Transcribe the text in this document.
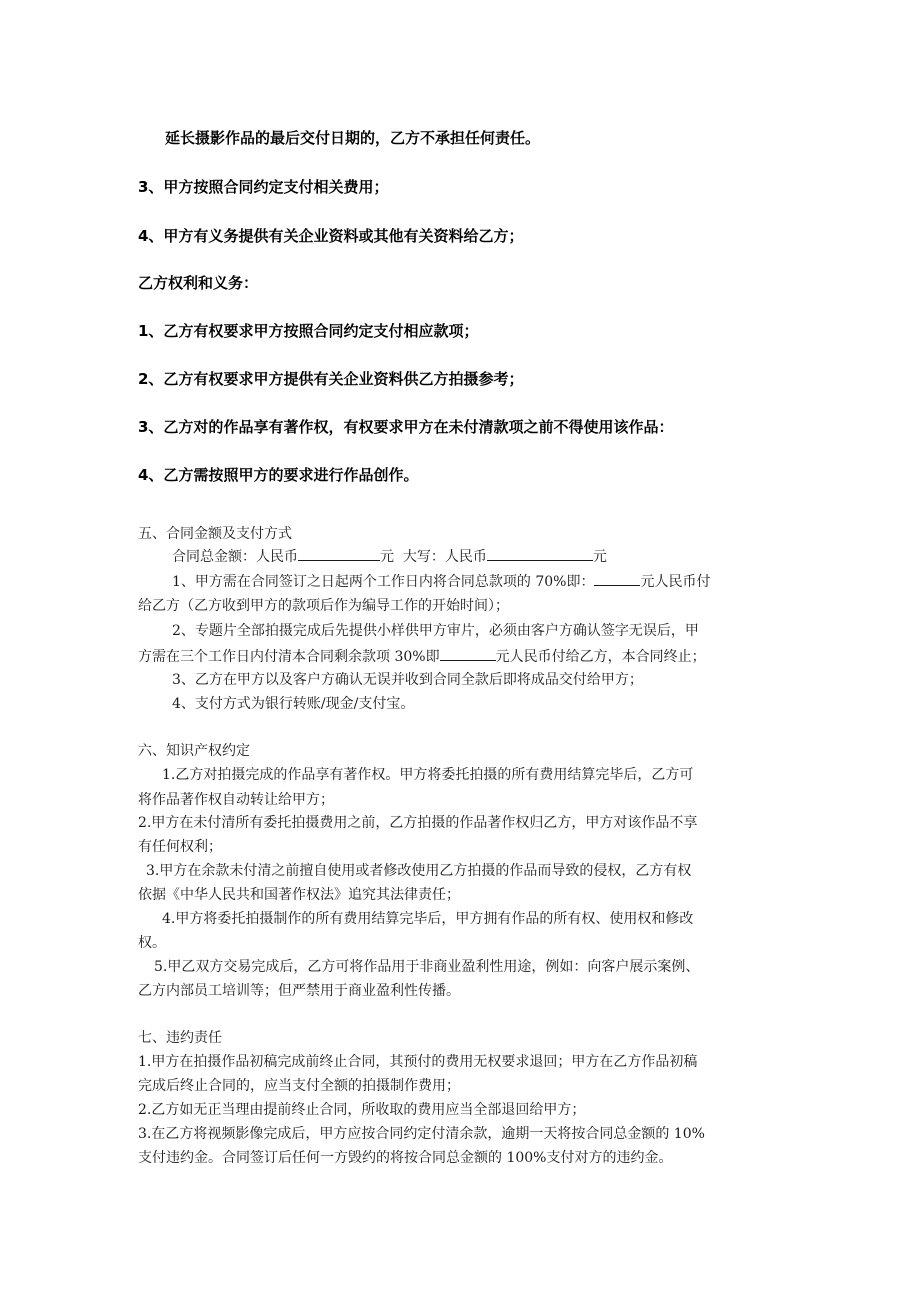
延长摄影作品的最后交付日期的，乙方不承担任何责任。
3、甲方按照合同约定支付相关费用；
4、甲方有义务提供有关企业资料或其他有关资料给乙方；
乙方权利和义务：
1、乙方有权要求甲方按照合同约定支付相应款项；
2、乙方有权要求甲方提供有关企业资料供乙方拍摄参考；
3、乙方对的作品享有著作权，有权要求甲方在未付清款项之前不得使用该作品：
4、乙方需按照甲方的要求进行作品创作。
五、合同金额及支付方式
合同总金额：人民币	元 大写：人民币	元
1、甲方需在合同签订之日起两个工作日内将合同总款项的 70%即：	元人民币付
给乙方（乙方收到甲方的款项后作为编导工作的开始时间）；
2、专题片全部拍摄完成后先提供小样供甲方审片，必须由客户方确认签字无误后，甲
方需在三个工作日内付清本合同剩余款项 30%即	元人民币付给乙方，本合同终止；
3、乙方在甲方以及客户方确认无误并收到合同全款后即将成品交付给甲方；
4、支付方式为银行转账/现金/支付宝。
六、知识产权约定
1.乙方对拍摄完成的作品享有著作权。甲方将委托拍摄的所有费用结算完毕后，乙方可
将作品著作权自动转让给甲方；
2.甲方在未付清所有委托拍摄费用之前，乙方拍摄的作品著作权归乙方，甲方对该作品不享
有任何权利；
3.甲方在余款未付清之前擅自使用或者修改使用乙方拍摄的作品而导致的侵权，乙方有权
依据《中华人民共和国著作权法》追究其法律责任；
4.甲方将委托拍摄制作的所有费用结算完毕后，甲方拥有作品的所有权、使用权和修改
权。
5.甲乙双方交易完成后，乙方可将作品用于非商业盈利性用途，例如：向客户展示案例、
乙方内部员工培训等；但严禁用于商业盈利性传播。
七、违约责任
1.甲方在拍摄作品初稿完成前终止合同，其预付的费用无权要求退回；甲方在乙方作品初稿
完成后终止合同的，应当支付全额的拍摄制作费用；
2.乙方如无正当理由提前终止合同，所收取的费用应当全部退回给甲方；
3.在乙方将视频影像完成后，甲方应按合同约定付清余款，逾期一天将按合同总金额的 10%
支付违约金。合同签订后任何一方毁约的将按合同总金额的 100%支付对方的违约金。
